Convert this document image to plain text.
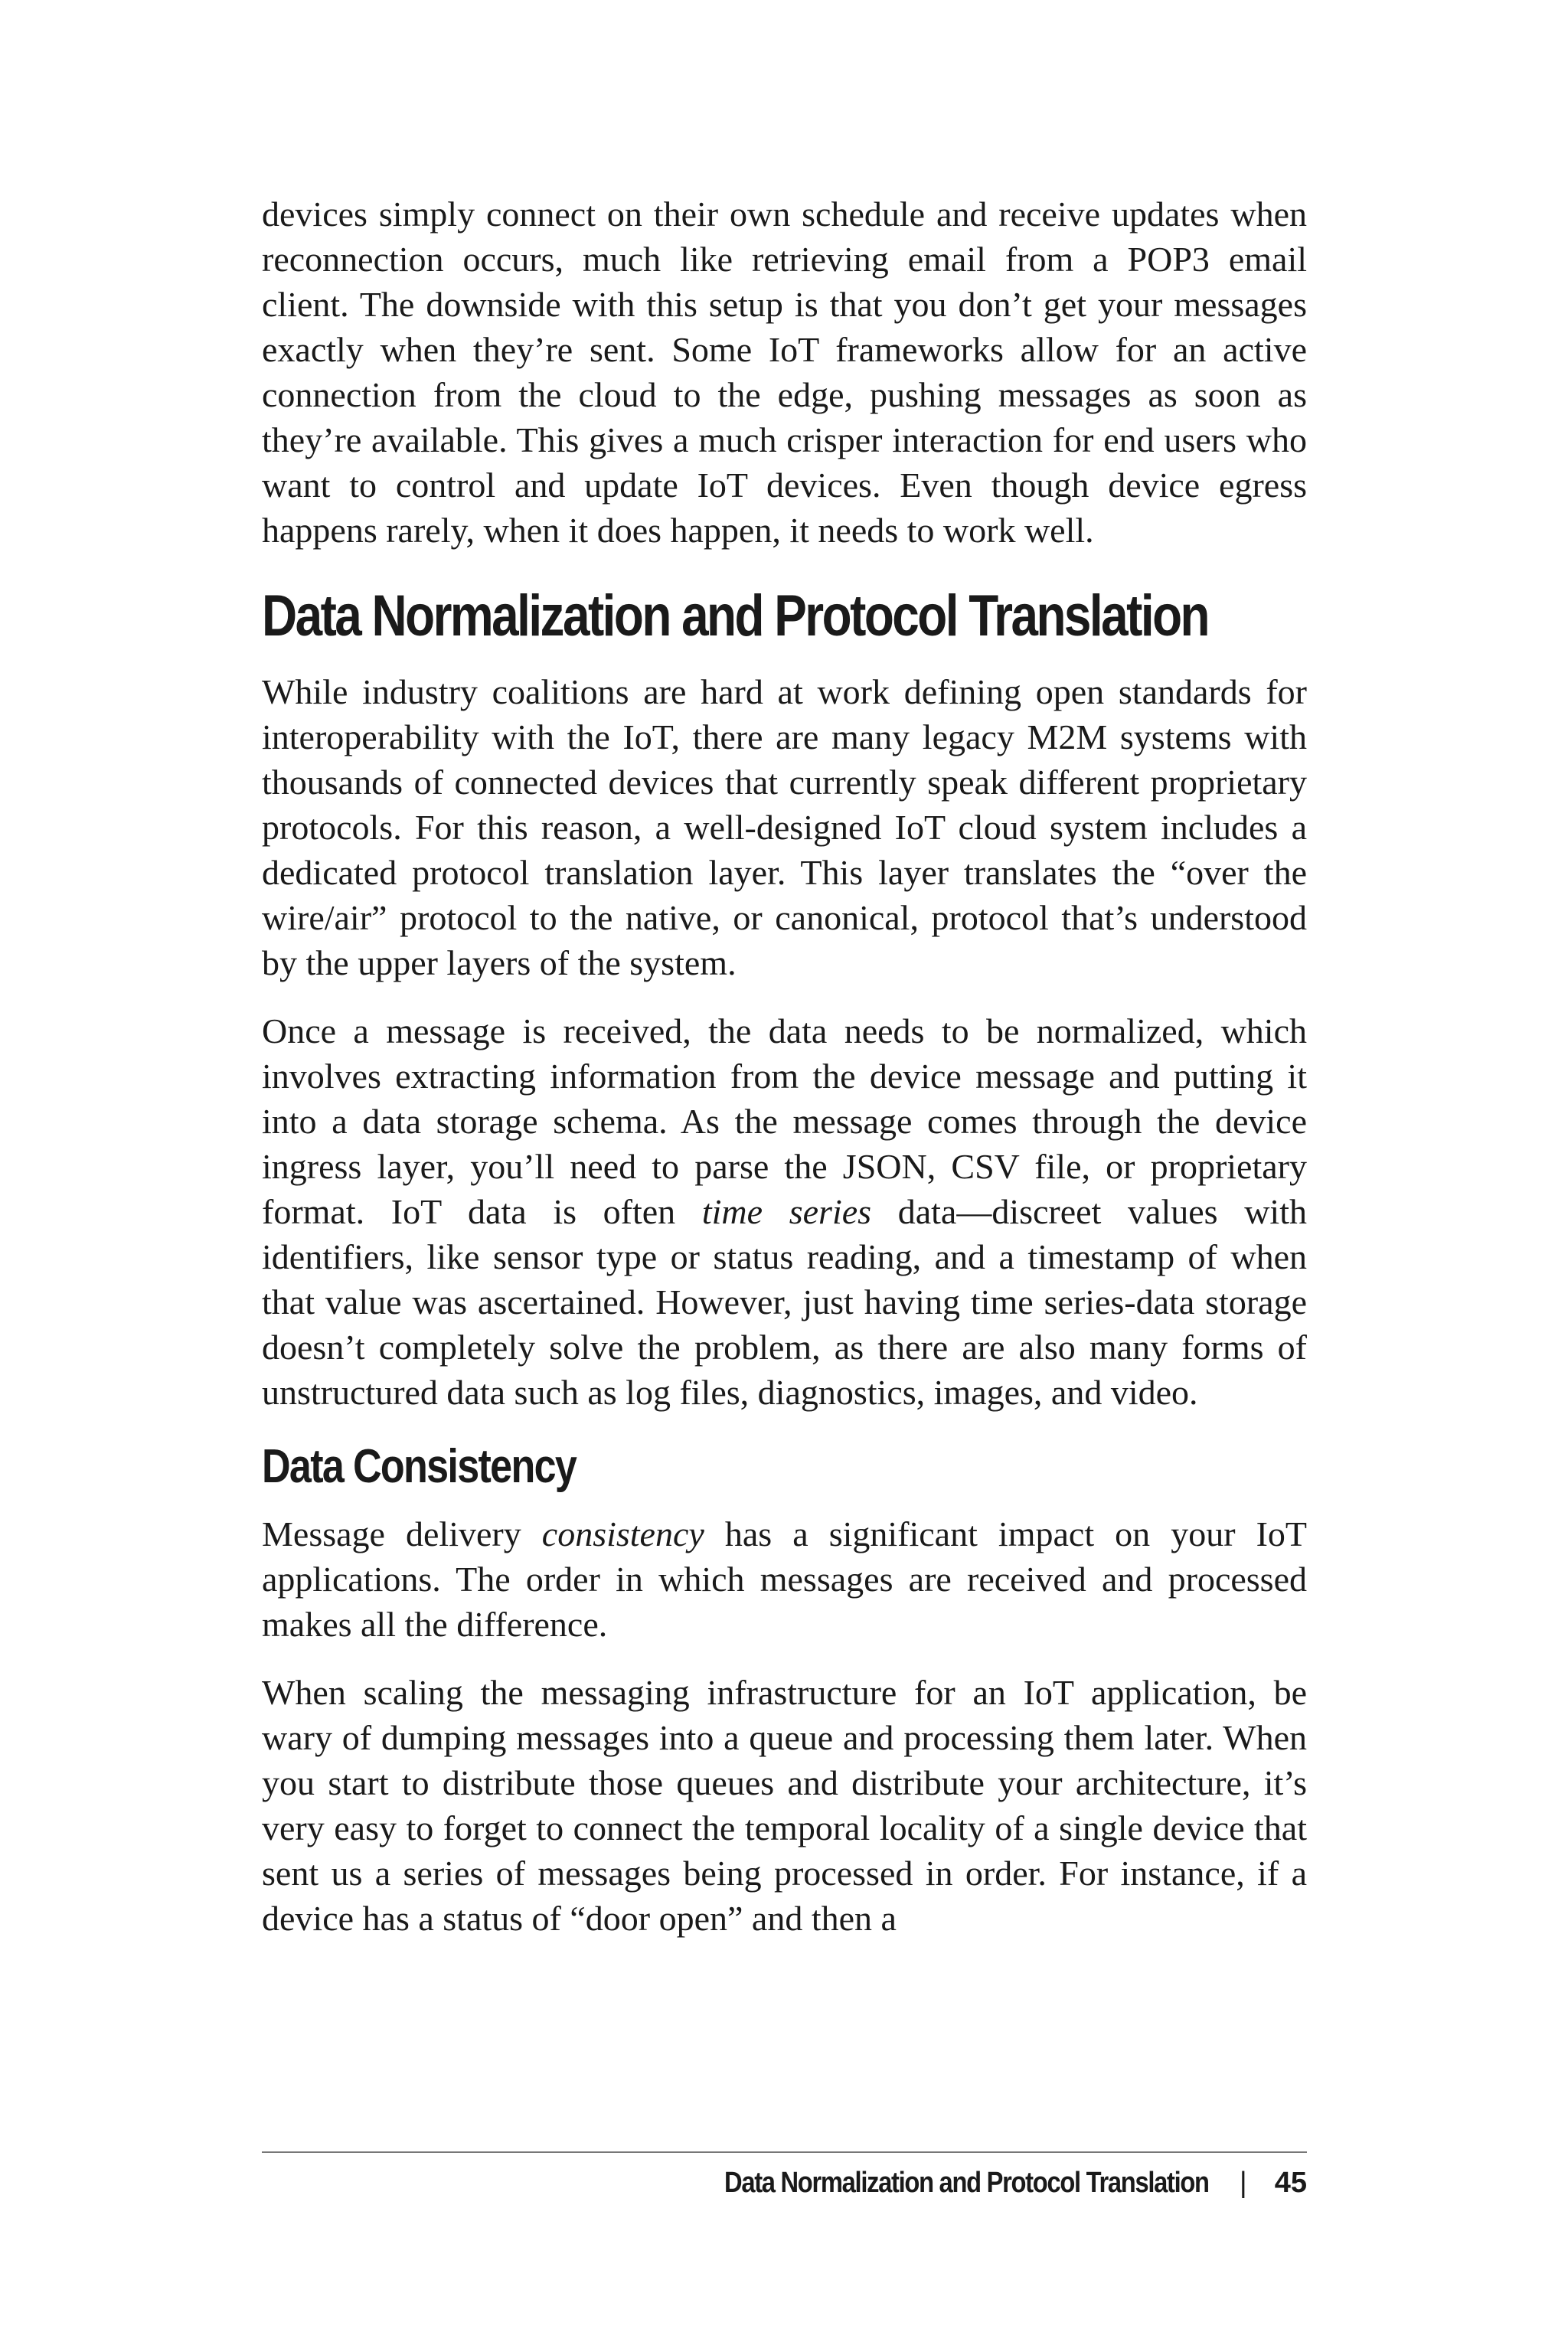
devices simply connect on their own schedule and receive updates when reconnection occurs, much like retrieving email from a POP3 email client. The downside with this setup is that you don’t get your messages exactly when they’re sent. Some IoT frameworks allow for an active connection from the cloud to the edge, pushing messages as soon as they’re available. This gives a much crisper interaction for end users who want to control and update IoT devices. Even though device egress happens rarely, when it does happen, it needs to work well.

Data Normalization and Protocol Translation

While industry coalitions are hard at work defining open standards for interoperability with the IoT, there are many legacy M2M systems with thousands of connected devices that currently speak different proprietary protocols. For this reason, a well-designed IoT cloud system includes a dedicated protocol translation layer. This layer translates the “over the wire/air” protocol to the native, or canonical, protocol that’s understood by the upper layers of the system.

Once a message is received, the data needs to be normalized, which involves extracting information from the device message and putting it into a data storage schema. As the message comes through the device ingress layer, you’ll need to parse the JSON, CSV file, or proprietary format. IoT data is often time series data—discreet values with identifiers, like sensor type or status reading, and a timestamp of when that value was ascertained. However, just having time series-data storage doesn’t completely solve the problem, as there are also many forms of unstructured data such as log files, diagnostics, images, and video.

Data Consistency

Message delivery consistency has a significant impact on your IoT applications. The order in which messages are received and processed makes all the difference.

When scaling the messaging infrastructure for an IoT application, be wary of dumping messages into a queue and processing them later. When you start to distribute those queues and distribute your architecture, it’s very easy to forget to connect the temporal locality of a single device that sent us a series of messages being processed in order. For instance, if a device has a status of “door open” and then a

Data Normalization and Protocol Translation | 45
